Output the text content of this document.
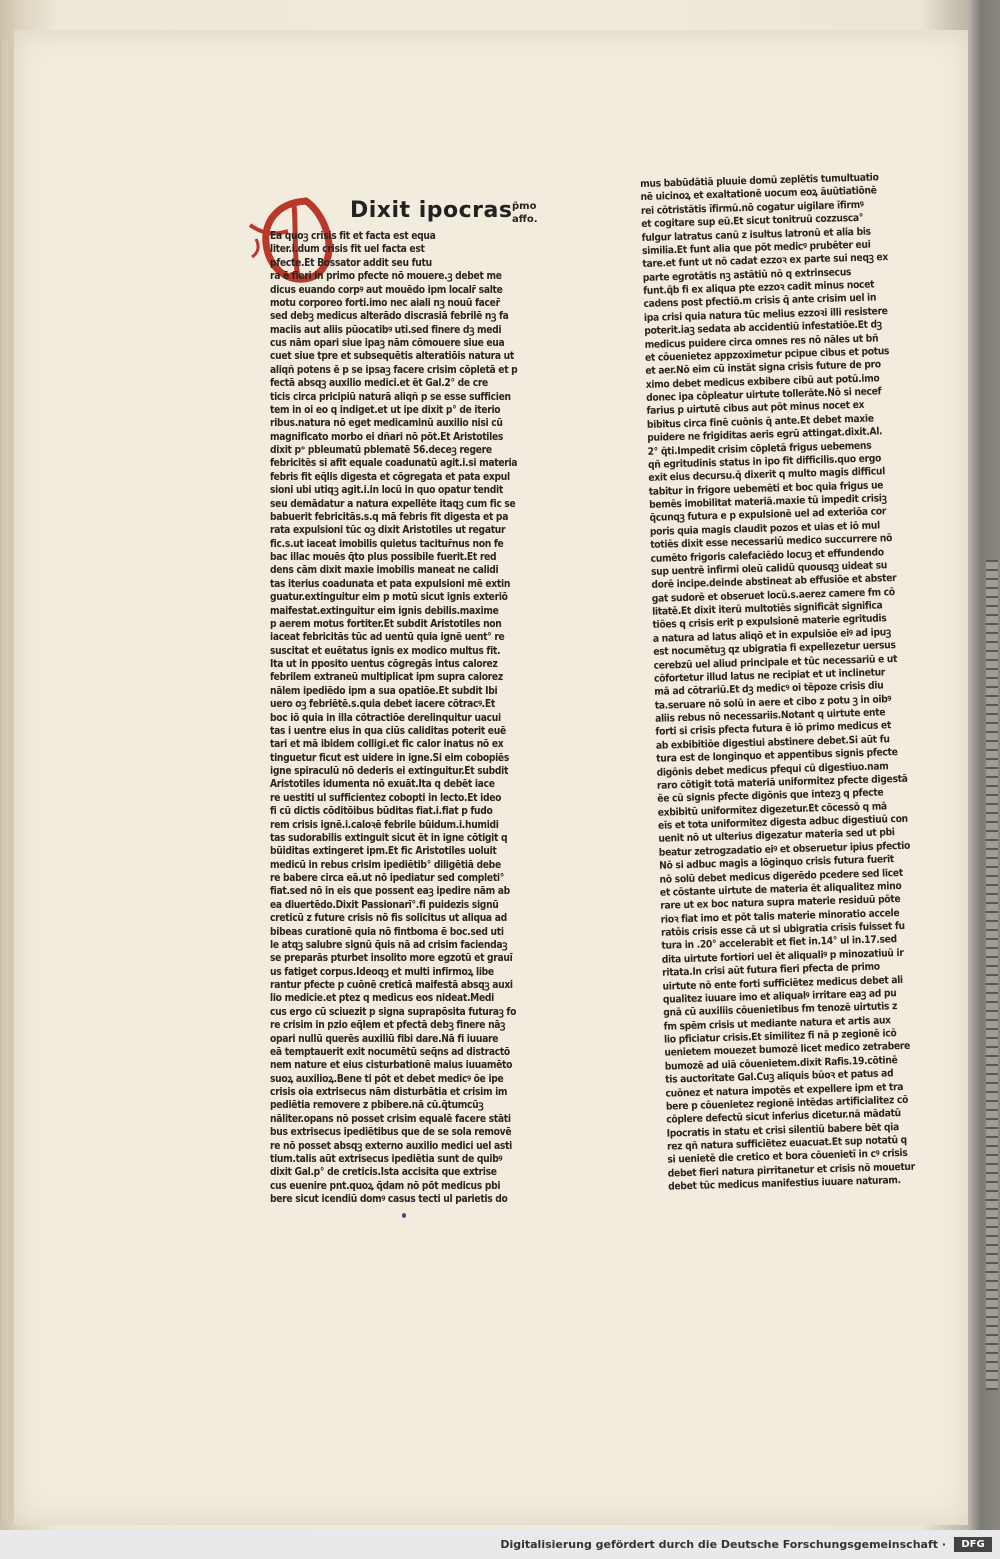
Dixit ipocras p̄mo
affo.
Ea quoꝫ crisis fit et facta est equa
liter.i.dum crisis fit uel facta est
pfecte.Et Bossator addit seu futu
ra ē fieri in primo pfecte nō mouere.ꝫ debet me
dicus euando corpꝰ aut mouēdo ipm localr̄ salt̄e
motu corporeo forti.imo nec aiali nꝫ nouū facer̄
sed debꝫ medicus alterādo discrasiā febrilē nꝫ fa
maciis aut aliis pūocatibꝰ uti.sed finere dꝫ medi
cus nām opari siue ipaꝫ nām cōmouere siue eua
cuet siue tpre et subsequētis alteratiōis natura ut
aliqñ potens ē p se ipsaꝫ facere crisim cōpletā et p
fectā absqꝫ auxilio medici.et ēt Gal.2° de cre
ticis circa pricipiū naturā aliqñ p se esse sufficien
tem in oi eo q indiget.et ut ipe dixit p° de iterio
ribus.natura nō eget medicaminū auxilio nisi cū
magnificato morbo ei dñari nō pōt.Et Aristotiles
dixit pᵒ pbleumatū pblematē 56.deceꝫ regere
febricitēs si afit equale coadunatū agit.i.si materia
febris fit eq̄lis digesta et cōgregata et pata expul
sioni ubi utiqꝫ agit.i.in locū in quo opatur tendit
seu demādatur a natura expellēte itaqꝫ cum fic se
babuerit febricitās.s.q mā febris fit digesta et pa
rata expulsioni tūc oꝫ dixit Aristotiles ut regatur
fic.s.ut iaceat imobilis quietus tacitur̄nus non fe
bac illac mouēs q̄to plus possibile fuerit.Et red
dens cām dixit maxie imobilis maneat ne calidi
tas iterius coadunata et pata expulsioni mē extin
guatur.extinguitur eim p motū sicut ignis exteriō
maifestat.extinguitur eim ignis debilis.maxime
p aerem motus fortiter.Et subdit Aristotiles non
iaceat febricitās tūc ad uentū quia ignē uent° re
suscitat et euētatus ignis ex modico multus fit.
Ita ut in pposito uentus cōgregās intus calorez
febrilem extraneū multiplicat ipm supra calorez
nālem ipediēdo ipm a sua opatiōe.Et subdit Ibi
uero oꝫ febriētē.s.quia debet iacere cōtracꝰ.Et
boc iō quia in illa cōtractiōe derelinquitur uacui
tas i uentre eius in qua ciūs caliditas poterit euē
tari et mā ibidem colligi.et fic calor inatus nō ex
tinguetur ficut est uidere in igne.Si eim cobopiēs
igne spiraculū nō dederis ei extinguitur.Et subdit
Aristotiles idumenta nō exuāt.Ita q debēt iace
re uestiti ul sufficientez cobopti in lecto.Et ideo
fi cū dictis cōditōibus būditas fiat.i.fiat p fudo
rem crisis ignē.i.caloꝛē febrile būidum.i.humidi
tas sudorabilis extinguit sicut ēt in igne cōtigit q
būiditas extingeret ipm.Et fic Aristotiles uoluit
medicū in rebus crisim ipediētib° diligētiā debe
re babere circa eā.ut nō ipediatur sed completi°
fiat.sed nō in eis que possent eaꝫ ipedire nām ab
ea diuertēdo.Dixit Passionarī°.fi puidezis signū
creticū z future crisis nō fis solicitus ut aliqua ad
bibeas curationē quia nō fintboma ē boc.sed uti
le atqꝫ salubre signū q̄uis nā ad crisim faciendaꝫ
se preparās pturbet insolito more egzotū et grauī
us fatiget corpus.Ideoqꝫ et multi infirmoꝝ libe
rantur pfecte p cuōnē creticā maifestā absqꝫ auxi
lio medicie.et ptez q medicus eos nideat.Medi
cus ergo cū sciuezit p signa suprapōsita futuraꝫ fo
re crisim in pzio eq̄lem et pfectā debꝫ finere nāꝫ
opari nullū querēs auxiliū fibi dare.Nā fi iuuare
eā temptauerit exit nocumētū seq̄ns ad distractō
nem nature et eius cisturbationē maius iuuamēto
suoꝝ auxilioꝝ.Bene ti pōt et debet medicꝰ ōe ipe
crisis oia extrisecus nām disturbātia et crisim im
pediētia removere z pbibere.nā cū.q̄tumcūꝫ
nāliter.opans nō posset crisim equalē facere stāti
bus extrisecus ipediētibus que de se sola removē
re nō posset absqꝫ externo auxilio medici uel asti
tium.talis aūt extrisecus ipediētia sunt de quibꝰ
dixit Gal.p° de creticis.Ista accisita que extrise
cus euenire pnt.quoꝝ q̄dam nō pōt medicus pbi
bere sicut icendiū domꝰ casus tecti ul parietis do
mus babūdātiā pluuie domū zeplētis tumultuatio
nē uicinoꝝ et exaltationē uocum eoꝝ āuūtiatiōnē
rei cōtristātis īfirmū.nō cogatur uigilare īfirmꝰ
et cogitare sup eū.Et sicut tonitruū cozzusca°
fulgur latratus canū z isultus latronū et alia bis
similia.Et funt alia que pōt medicꝰ prubēter eui
tare.et funt ut nō cadat ezzoꝛ ex parte sui neqꝫ ex
parte egrotātis nꝫ astātiū nō q extrinsecus
funt.q̄b fi ex aliqua pte ezzoꝛ cadit minus nocet
cadens post pfectiō.m crisis q̄ ante crisim uel in
ipa crisi quia natura tūc melius ezzoꝛi illi resistere
poterit.iaꝫ sedata ab accidentiū infestatiōe.Et dꝫ
medicus puidere circa omnes res nō nāles ut bñ
et cōuenietez appzoximetur pcipue cibus et potus
et aer.Nō eim cū instāt signa crisis future de pro
ximo debet medicus exbibere cibū aut potū.imo
donec ipa cōpleatur uirtute tollerāte.Nō si necef
farius p uirtutē cibus aut pōt minus nocet ex
bibitus circa finē cuōnis q̄ ante.Et debet maxie
puidere ne frigiditas aeris egrū attingat.dixit.Al.
2° q̄ti.Impedit crisim cōpletā frigus uebemens
qñ egritudinis status in ipo fit difficilis.quo ergo
exit eius decursu.q̄ dixerit q multo magis difficul
tabitur in frigore uebemēti et boc quia frigus ue
bemēs imobilitat materiā.maxie tū impedit crisiꝫ
q̄cunqꝫ futura e p expulsionē uel ad exteriōa cor
poris quia magis claudit pozos et uias et iō mul
totiēs dixit esse necessariū medico succurrere nō
cumēto frigoris calefaciēdo locuꝫ et effundendo
sup uentrē infirmi oleū calidū quousqꝫ uideat su
dorē incipe.deinde abstineat ab effusiōe et abster
gat sudorē et obseruet locū.s.aerez camere fm cō
litatē.Et dixit iterū multotiēs significāt significa
tiōes q crisis erit p expulsionē materie egritudis
a natura ad latus aliqō et in expulsiōe eiꝰ ad ipuꝫ
est nocumētuꝫ qz ubigratia fi expellezetur uersus
cerebzū uel aliud principale et tūc necessariū e ut
cōfortetur illud latus ne recipiat et ut inclinetur
mā ad cōtrariū.Et dꝫ medicꝰ oi tēpoze crisis diu
ta.seruare nō solū in aere et cibo z potu ꝫ in oibꝰ
aliis rebus nō necessariis.Notant q uirtute ente
forti si crisis pfecta futura ē iō primo medicus et
ab exbibitiōe digestiui abstinere debet.Si aūt fu
tura est de longinquo et appentibus signis pfecte
digōnis debet medicus pfequi cū digestiuo.nam
raro cōtigit totā materiā uniformitez pfecte digestā
ēe cū signis pfecte digōnis que intezꝫ q pfecte
exbibitū uniformitez digezetur.Et cōcessō q mā
eīs et tota uniformitez digesta adbuc digestiuū con
uenit nō ut ulterius digezatur materia sed ut pbi
beatur zetrogzadatio eiꝰ et obseruetur ipius pfectio
Nō si adbuc magis a lōginquo crisis futura fuerit
nō solū debet medicus digerēdo pcedere sed licet
et cōstante uirtute de materia ēt aliqualitez mino
rare ut ex boc natura supra materie residuū pōte
rioꝛ fiat imo et pōt talis materie minoratio accele
ratōis crisis esse cā ut si ubigratia crisis fuisset fu
tura in .20° accelerabit et fiet in.14° ul in.17.sed
dita uirtute fortiori uel ēt aliqualiꝰ p minozatiuū ir
ritata.In crisi aūt futura fieri pfecta de primo
uirtute nō ente forti sufficiētez medicus debet ali
qualitez iuuare imo et aliqualꝰ irritare eaꝫ ad pu
gnā cū auxiliis cōuenietibus fm tenozē uirtutis z
fm spēm crisis ut mediante natura et artis aux
lio pficiatur crisis.Et similitez fi nā p zegionē icō
uenietem mouezet bumozē licet medico zetrabere
bumozē ad uiā cōuenietem.dixit Rafis.19.cōtinē
tis auctoritate Gal.Cuꝫ aliquis būoꝛ et patus ad
cuōnez et natura impotēs et expellere ipm et tra
bere p cōuenietez regionē intēdas artificialitez cō
cōplere defectū sicut inferius dicetur.nā mādatū
Ipocratis in statu et crisi silentiū babere bēt qia
rez qñ natura sufficiētez euacuat.Et sup notatū q
si uenietē die cretico et bora cōuenietī in cꝰ crisis
debet fieri natura pirritanetur et crisis nō mouetur
debet tūc medicus manifestius iuuare naturam.
Digitalisierung gefördert durch die Deutsche Forschungsgemeinschaft ·	DFG
